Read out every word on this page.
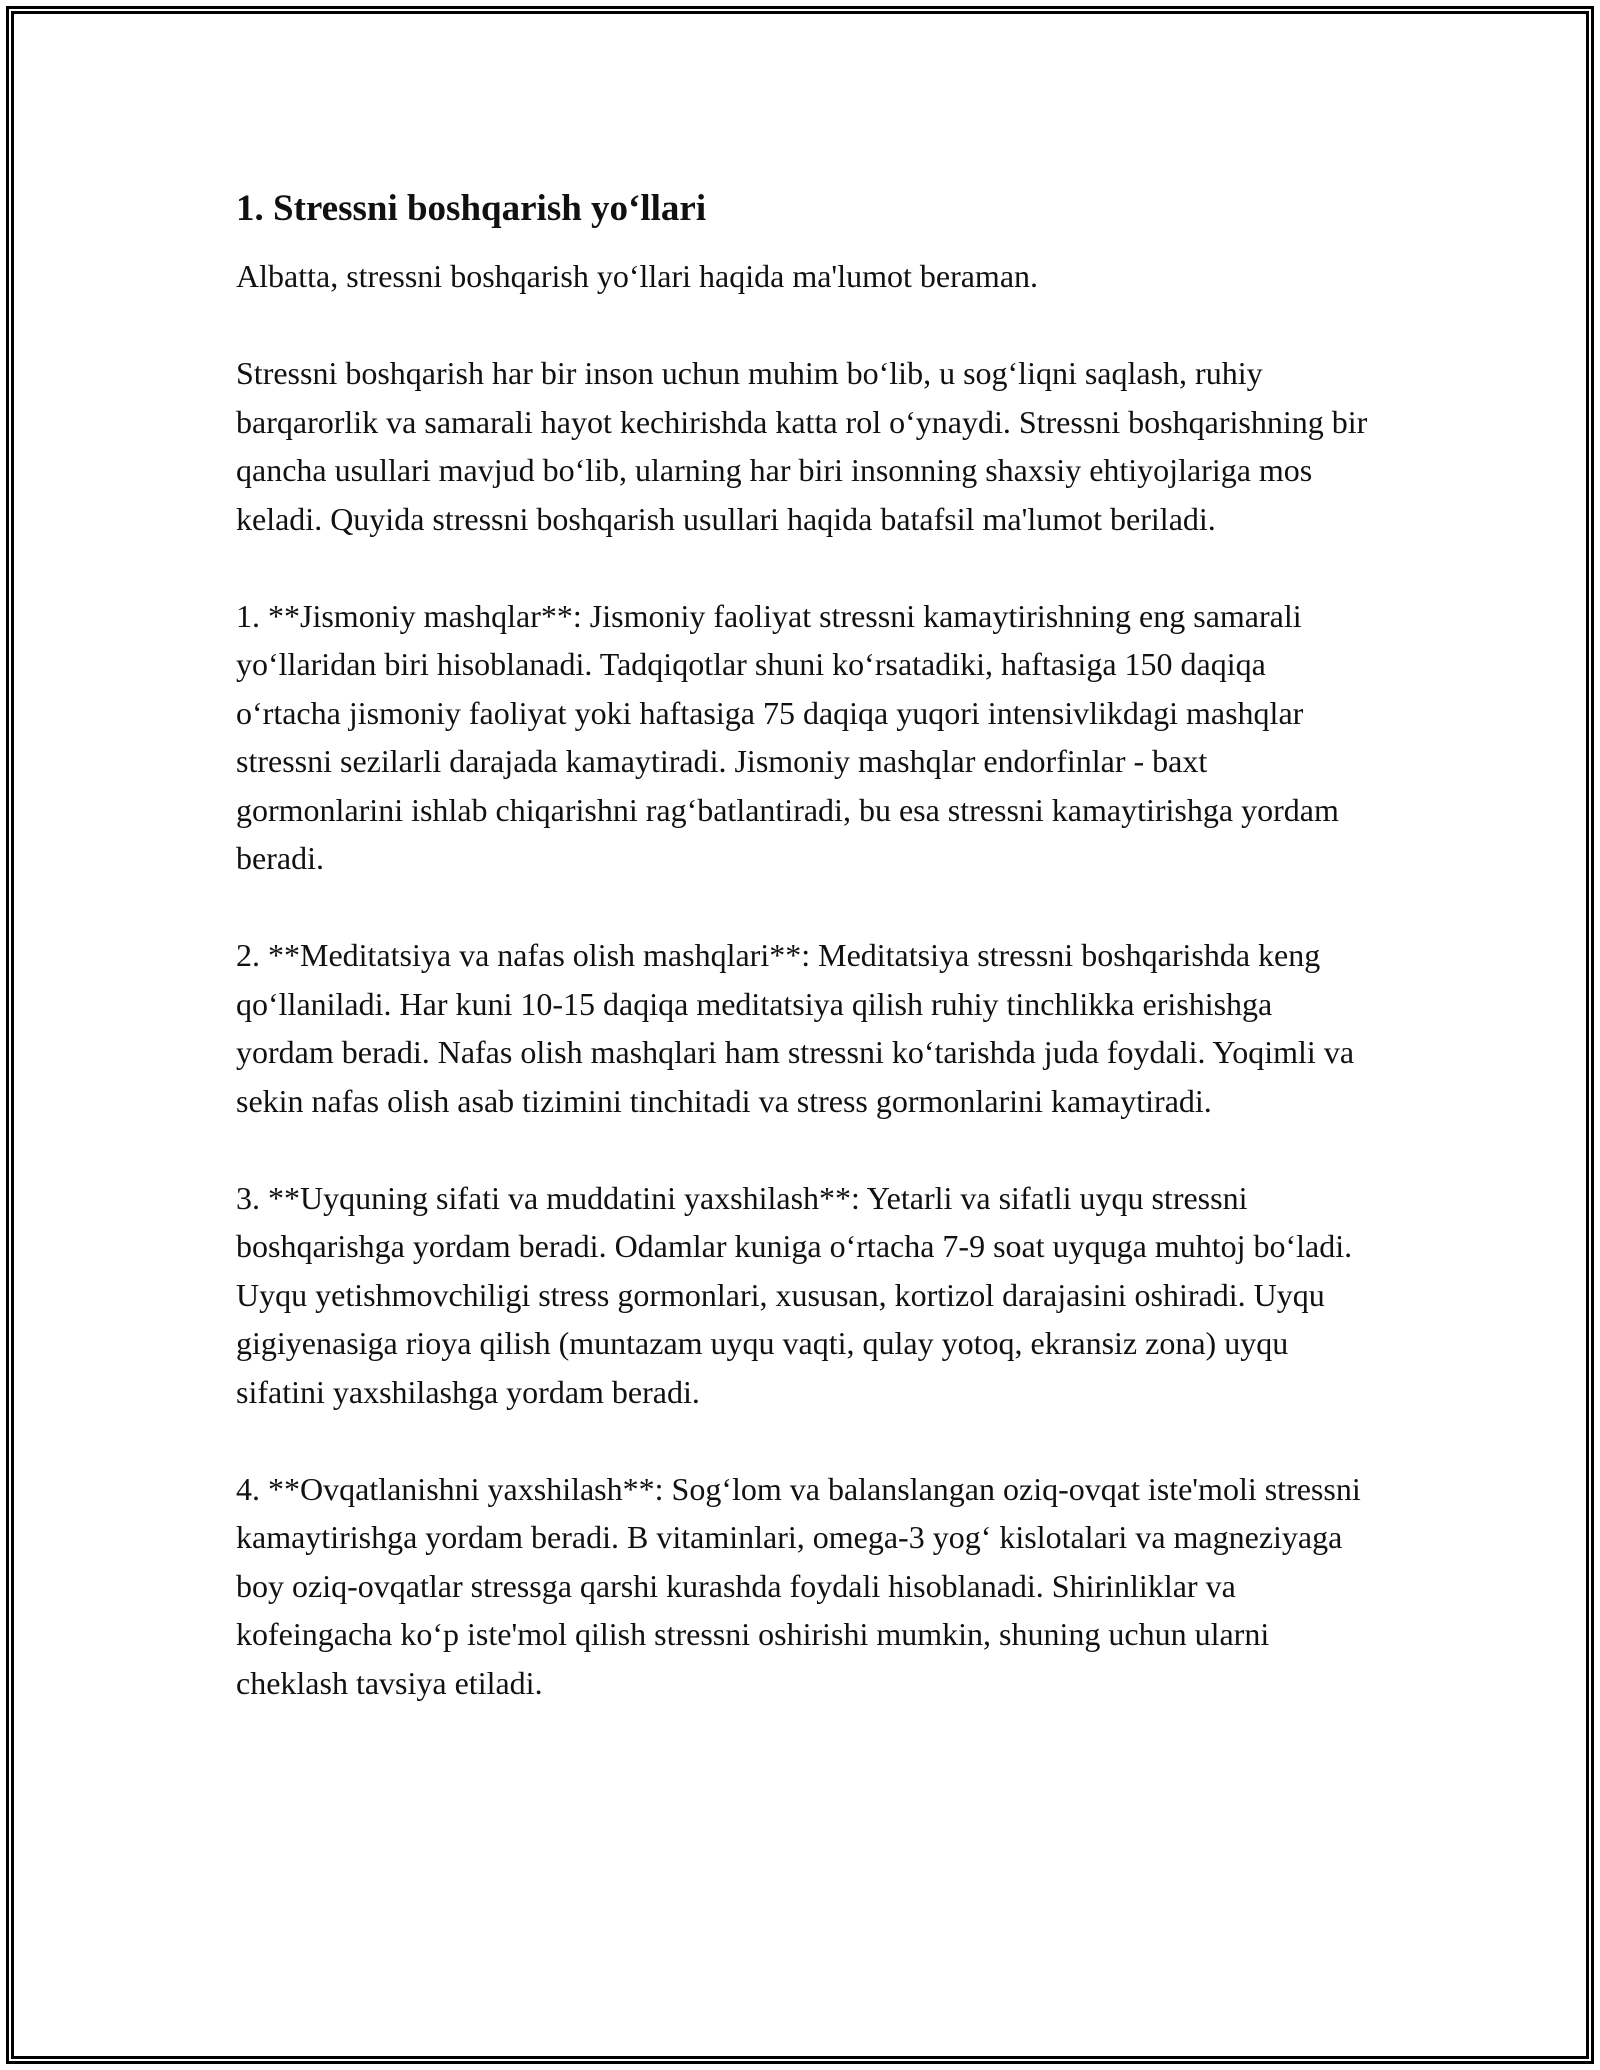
1. Stressni boshqarish yoʻllari

Albatta, stressni boshqarish yoʻllari haqida ma'lumot beraman.

Stressni boshqarish har bir inson uchun muhim boʻlib, u sogʻliqni saqlash, ruhiy barqarorlik va samarali hayot kechirishda katta rol oʻynaydi. Stressni boshqarishning bir qancha usullari mavjud boʻlib, ularning har biri insonning shaxsiy ehtiyojlariga mos keladi. Quyida stressni boshqarish usullari haqida batafsil ma'lumot beriladi.

1. **Jismoniy mashqlar**: Jismoniy faoliyat stressni kamaytirishning eng samarali yoʻllaridan biri hisoblanadi. Tadqiqotlar shuni koʻrsatadiki, haftasiga 150 daqiqa oʻrtacha jismoniy faoliyat yoki haftasiga 75 daqiqa yuqori intensivlikdagi mashqlar stressni sezilarli darajada kamaytiradi. Jismoniy mashqlar endorfinlar - baxt gormonlarini ishlab chiqarishni ragʻbatlantiradi, bu esa stressni kamaytirishga yordam beradi.

2. **Meditatsiya va nafas olish mashqlari**: Meditatsiya stressni boshqarishda keng qoʻllaniladi. Har kuni 10-15 daqiqa meditatsiya qilish ruhiy tinchlikka erishishga yordam beradi. Nafas olish mashqlari ham stressni koʻtarishda juda foydali. Yoqimli va sekin nafas olish asab tizimini tinchitadi va stress gormonlarini kamaytiradi.

3. **Uyquning sifati va muddatini yaxshilash**: Yetarli va sifatli uyqu stressni boshqarishga yordam beradi. Odamlar kuniga oʻrtacha 7-9 soat uyquga muhtoj boʻladi. Uyqu yetishmovchiligi stress gormonlari, xususan, kortizol darajasini oshiradi. Uyqu gigiyenasiga rioya qilish (muntazam uyqu vaqti, qulay yotoq, ekransiz zona) uyqu sifatini yaxshilashga yordam beradi.

4. **Ovqatlanishni yaxshilash**: Sogʻlom va balanslangan oziq-ovqat iste'moli stressni kamaytirishga yordam beradi. B vitaminlari, omega-3 yogʻ kislotalari va magneziyaga boy oziq-ovqatlar stressga qarshi kurashda foydali hisoblanadi. Shirinliklar va kofeingacha koʻp iste'mol qilish stressni oshirishi mumkin, shuning uchun ularni cheklash tavsiya etiladi.
